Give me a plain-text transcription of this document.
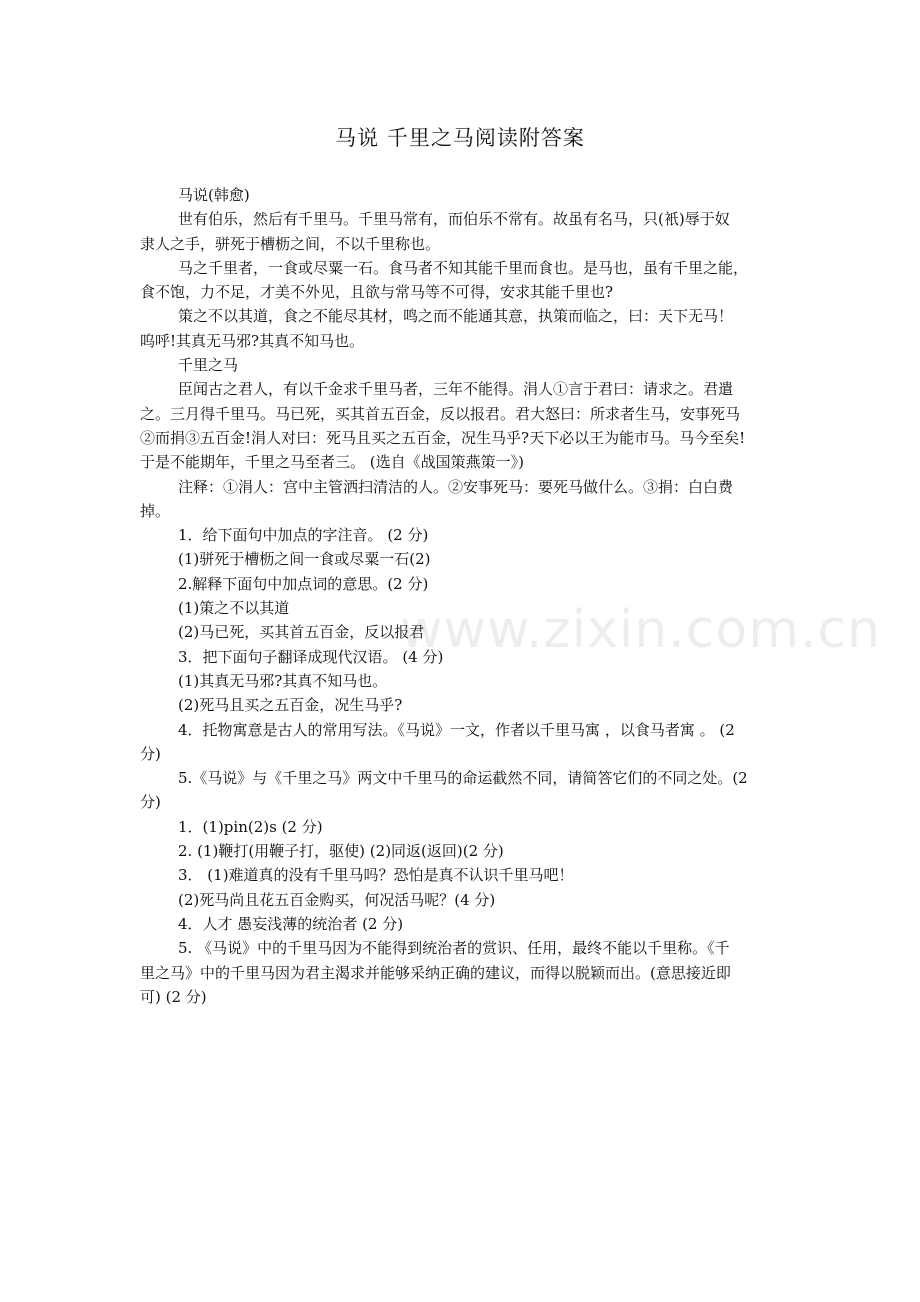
马说 千里之马阅读附答案
马说(韩愈)
世有伯乐，然后有千里马。千里马常有，而伯乐不常有。故虽有名马，只(衹)辱于奴
隶人之手，骈死于槽枥之间，不以千里称也。
马之千里者，一食或尽粟一石。食马者不知其能千里而食也。是马也，虽有千里之能，
食不饱，力不足，才美不外见，且欲与常马等不可得，安求其能千里也?
策之不以其道，食之不能尽其材，鸣之而不能通其意，执策而临之，曰：天下无马！
呜呼!其真无马邪?其真不知马也。
千里之马
臣闻古之君人，有以千金求千里马者，三年不能得。涓人①言于君曰：请求之。君遣
之。三月得千里马。马已死，买其首五百金，反以报君。君大怒曰：所求者生马，安事死马
②而捐③五百金!涓人对曰：死马且买之五百金，况生马乎?天下必以王为能市马。马今至矣!
于是不能期年，千里之马至者三。 (选自《战国策燕策一》)
注释：①涓人：宫中主管洒扫清洁的人。②安事死马：要死马做什么。③捐：白白费
掉。
1．给下面句中加点的字注音。 (2 分)
(1)骈死于槽枥之间一食或尽粟一石(2)
2.解释下面句中加点词的意思。(2 分)
(1)策之不以其道
(2)马已死，买其首五百金，反以报君
3．把下面句子翻译成现代汉语。 (4 分)
(1)其真无马邪?其真不知马也。
(2)死马且买之五百金，况生马乎?
4．托物寓意是古人的常用写法。《马说》一文，作者以千里马寓 ，以食马者寓 。 (2
分)
5.《马说》与《千里之马》两文中千里马的命运截然不同，请简答它们的不同之处。(2
分)
1．(1)pin(2)s (2 分)
2. (1)鞭打(用鞭子打，驱使) (2)同返(返回)(2 分)
3． (1)难道真的没有千里马吗？恐怕是真不认识千里马吧！
(2)死马尚且花五百金购买，何况活马呢？(4 分)
4．人才 愚妄浅薄的统治者 (2 分)
5. 《马说》中的千里马因为不能得到统治者的赏识、任用，最终不能以千里称。《千
里之马》中的千里马因为君主渴求并能够采纳正确的建议，而得以脱颖而出。(意思接近即
可) (2 分)
www.zixin.com.cn
